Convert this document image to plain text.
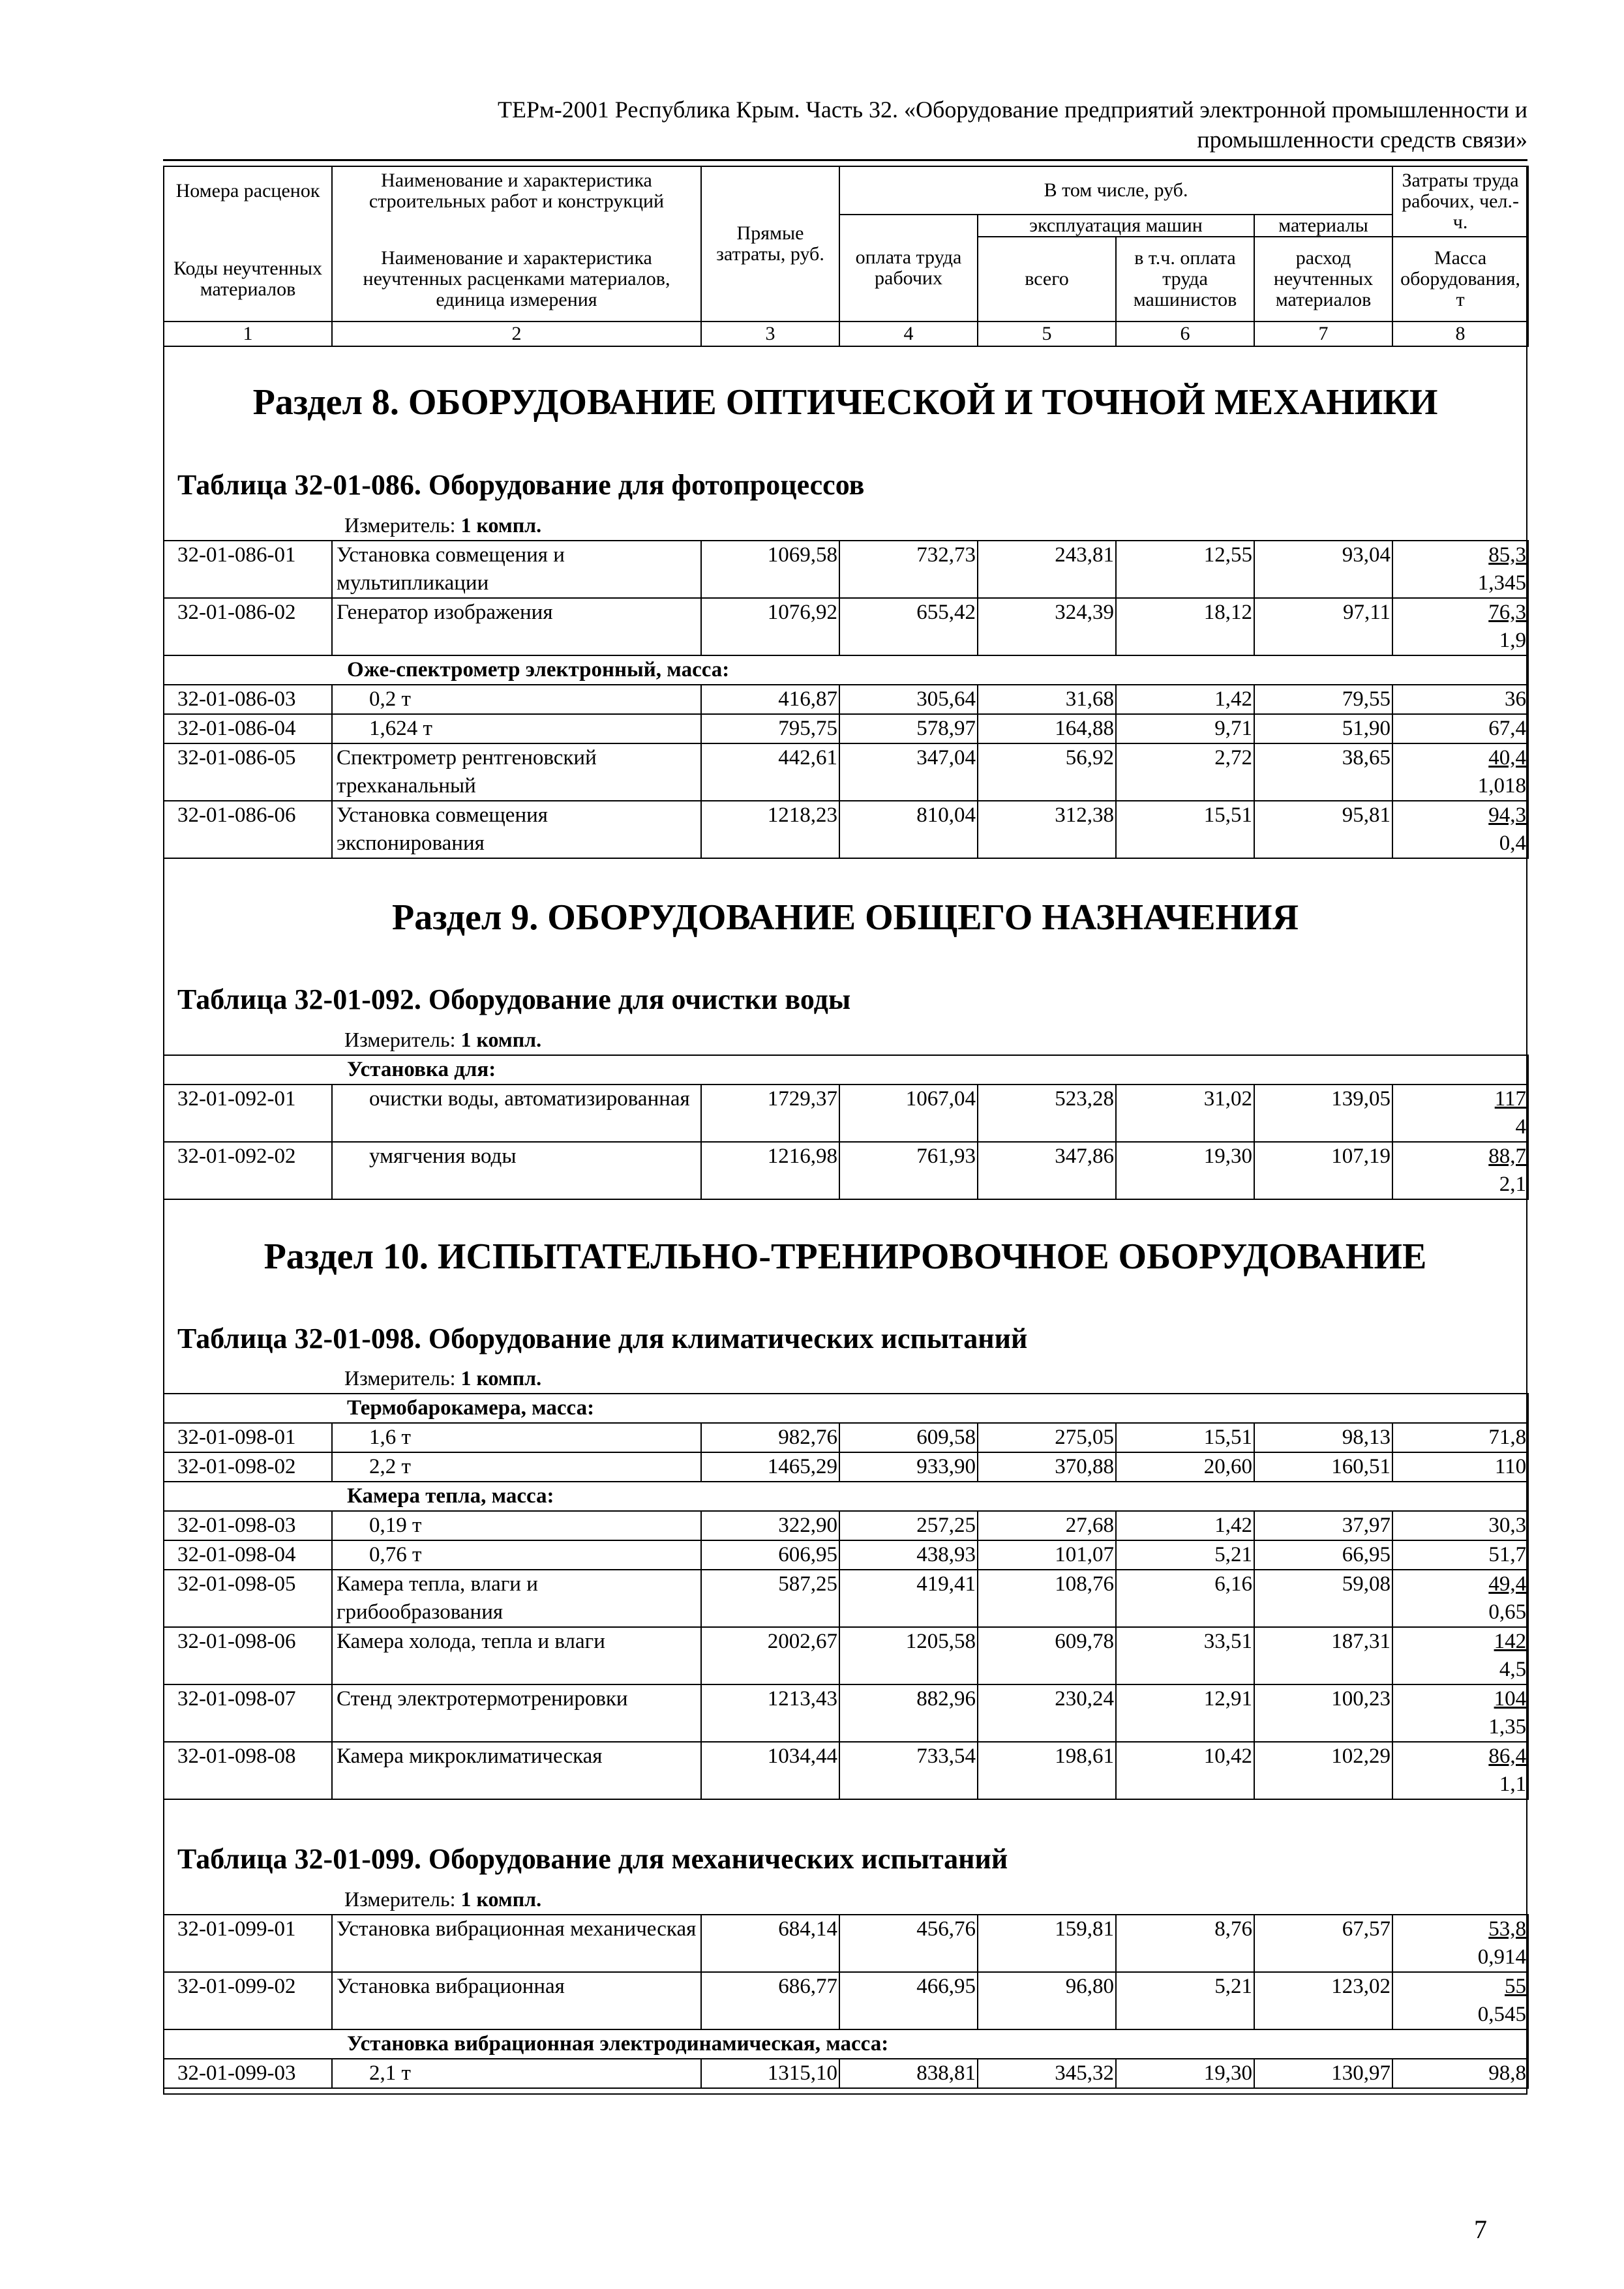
ТЕРм-2001 Республика Крым. Часть 32. «Оборудование предприятий электронной промышленности и
промышленности средств связи»
Номера расценок	Наименование и характеристика строительных работ и конструкций	Прямые затраты, руб.	В том числе, руб.				Затраты труда рабочих, чел.-ч.
			оплата труда рабочих	эксплуатация машин		материалы	
Коды неучтенных материалов	Наименование и характеристика неучтенных расценками материалов, единица измерения			всего	в т.ч. оплата труда машинистов	расход неучтенных материалов	Масса оборудования, т
1	2	3	4	5	6	7	8
Раздел 8. ОБОРУДОВАНИЕ ОПТИЧЕСКОЙ И ТОЧНОЙ МЕХАНИКИ
Таблица 32-01-086. Оборудование для фотопроцессов
Измеритель: 1 компл.
32-01-086-01	Установка совмещения и мультипликации	1069,58	732,73	243,81	12,55	93,04	85,3
1,345

32-01-086-02	Генератор изображения	1076,92	655,42	324,39	18,12	97,11	76,3
1,9

Оже-спектрометр электронный, масса:							
32-01-086-03	0,2 т	416,87	305,64	31,68	1,42	79,55	36

32-01-086-04	1,624 т	795,75	578,97	164,88	9,71	51,90	67,4

32-01-086-05	Спектрометр рентгеновский трехканальный	442,61	347,04	56,92	2,72	38,65	40,4
1,018

32-01-086-06	Установка совмещения экспонирования	1218,23	810,04	312,38	15,51	95,81	94,3
0,4
Раздел 9. ОБОРУДОВАНИЕ ОБЩЕГО НАЗНАЧЕНИЯ
Таблица 32-01-092. Оборудование для очистки воды
Измеритель: 1 компл.
Установка для:							
32-01-092-01	очистки воды, автоматизированная	1729,37	1067,04	523,28	31,02	139,05	117
4

32-01-092-02	умягчения воды	1216,98	761,93	347,86	19,30	107,19	88,7
2,1
Раздел 10. ИСПЫТАТЕЛЬНО-ТРЕНИРОВОЧНОЕ ОБОРУДОВАНИЕ
Таблица 32-01-098. Оборудование для климатических испытаний
Измеритель: 1 компл.
Термобарокамера, масса:							
32-01-098-01	1,6 т	982,76	609,58	275,05	15,51	98,13	71,8

32-01-098-02	2,2 т	1465,29	933,90	370,88	20,60	160,51	110

Камера тепла, масса:							
32-01-098-03	0,19 т	322,90	257,25	27,68	1,42	37,97	30,3

32-01-098-04	0,76 т	606,95	438,93	101,07	5,21	66,95	51,7

32-01-098-05	Камера тепла, влаги и грибообразования	587,25	419,41	108,76	6,16	59,08	49,4
0,65

32-01-098-06	Камера холода, тепла и влаги	2002,67	1205,58	609,78	33,51	187,31	142
4,5

32-01-098-07	Стенд электротермотренировки	1213,43	882,96	230,24	12,91	100,23	104
1,35

32-01-098-08	Камера микроклиматическая	1034,44	733,54	198,61	10,42	102,29	86,4
1,1
Таблица 32-01-099. Оборудование для механических испытаний
Измеритель: 1 компл.
32-01-099-01	Установка вибрационная механическая	684,14	456,76	159,81	8,76	67,57	53,8
0,914

32-01-099-02	Установка вибрационная	686,77	466,95	96,80	5,21	123,02	55
0,545

Установка вибрационная электродинамическая, масса:							
32-01-099-03	2,1 т	1315,10	838,81	345,32	19,30	130,97	98,8
7
